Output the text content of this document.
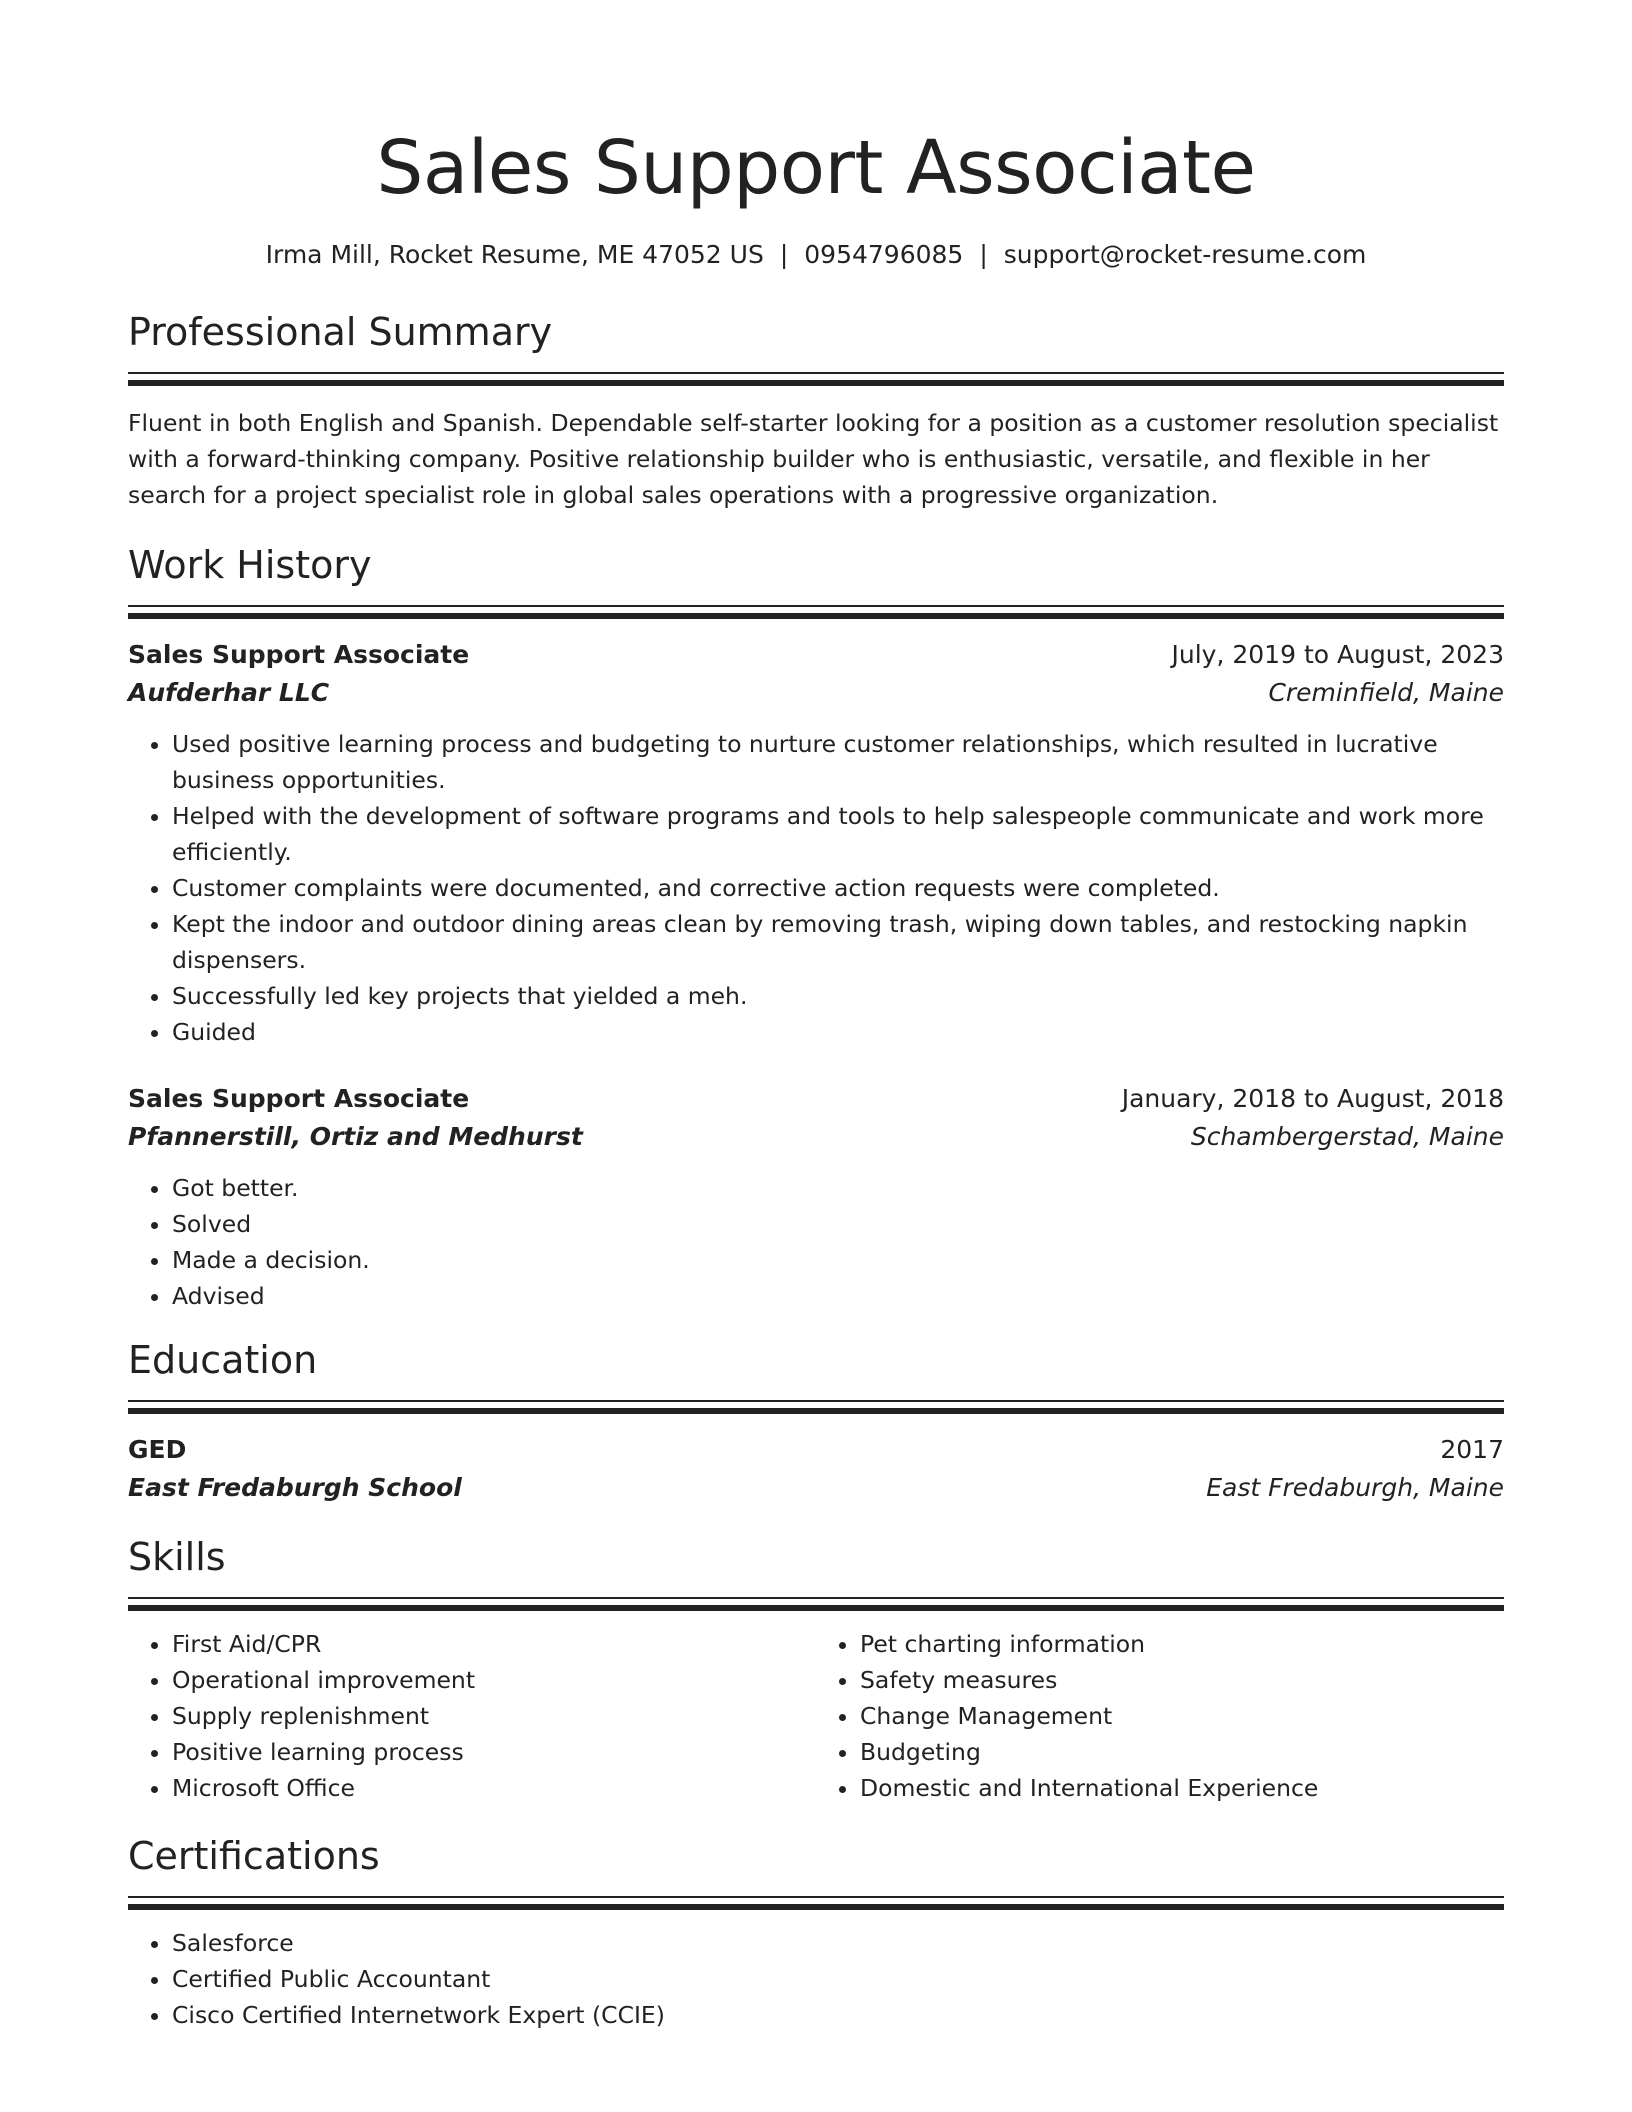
Sales Support Associate
Irma Mill, Rocket Resume, ME 47052 US | 0954796085 | support@rocket-resume.com
Professional Summary

Fluent in both English and Spanish. Dependable self-starter looking for a position as a customer resolution specialist with a forward-thinking company. Positive relationship builder who is enthusiastic, versatile, and flexible in her search for a project specialist role in global sales operations with a progressive organization.

Work History
Sales Support Associate	July, 2019 to August, 2023
Aufderhar LLC	Creminfield, Maine
• Used positive learning process and budgeting to nurture customer relationships, which resulted in lucrative business opportunities.
• Helped with the development of software programs and tools to help salespeople communicate and work more efficiently.
• Customer complaints were documented, and corrective action requests were completed.
• Kept the indoor and outdoor dining areas clean by removing trash, wiping down tables, and restocking napkin dispensers.
• Successfully led key projects that yielded a meh.
• Guided
Sales Support Associate	January, 2018 to August, 2018
Pfannerstill, Ortiz and Medhurst	Schambergerstad, Maine
• Got better.
• Solved
• Made a decision.
• Advised
Education
GED	2017
East Fredaburgh School	East Fredaburgh, Maine
Skills
• First Aid/CPR
• Operational improvement
• Supply replenishment
• Positive learning process
• Microsoft Office
• Pet charting information
• Safety measures
• Change Management
• Budgeting
• Domestic and International Experience
Certifications
• Salesforce
• Certified Public Accountant
• Cisco Certified Internetwork Expert (CCIE)
